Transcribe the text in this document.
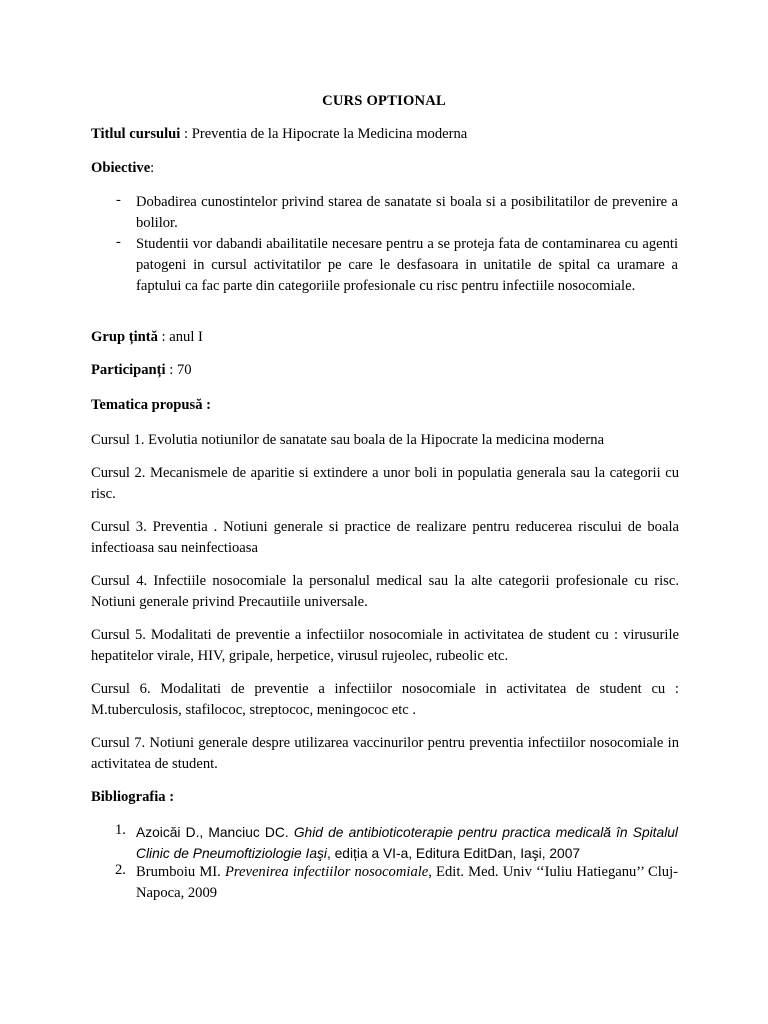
CURS OPTIONAL

Titlul cursului : Preventia de la Hipocrate la Medicina moderna

Obiective:

- Dobadirea cunostintelor privind starea de sanatate si boala si a posibilitatilor de prevenire a bolilor.

- Studentii vor dabandi abailitatile necesare pentru a se proteja fata de contaminarea cu agenti patogeni in cursul activitatilor pe care le desfasoara in unitatile de spital ca uramare a faptului ca fac parte din categoriile profesionale cu risc pentru infectiile nosocomiale.

Grup țintă : anul I

Participanți : 70

Tematica propusă :

Cursul 1. Evolutia notiunilor de sanatate sau boala de la Hipocrate la medicina moderna

Cursul 2. Mecanismele de aparitie si extindere a unor boli in populatia generala sau la categorii cu risc.

Cursul 3. Preventia . Notiuni generale si practice de realizare pentru reducerea riscului de boala infectioasa sau neinfectioasa

Cursul 4. Infectiile nosocomiale la personalul medical sau la alte categorii profesionale cu risc. Notiuni generale privind Precautiile universale.

Cursul 5. Modalitati de preventie a infectiilor nosocomiale in activitatea de student cu : virusurile hepatitelor virale, HIV, gripale, herpetice, virusul rujeolec, rubeolic etc.

Cursul 6. Modalitati de preventie a infectiilor nosocomiale in activitatea de student cu : M.tuberculosis, stafilococ, streptococ, meningococ etc .

Cursul 7. Notiuni generale despre utilizarea vaccinurilor pentru preventia infectiilor nosocomiale in activitatea de student.

Bibliografia :

1. Azoicăi D., Manciuc DC. Ghid de antibioticoterapie pentru practica medicală în Spitalul Clinic de Pneumoftiziologie Iaşi, ediția a VI-a, Editura EditDan, Iaşi, 2007

2. Brumboiu MI. Prevenirea infectiilor nosocomiale, Edit. Med. Univ ‘‘Iuliu Hatieganu’’ Cluj- Napoca, 2009
